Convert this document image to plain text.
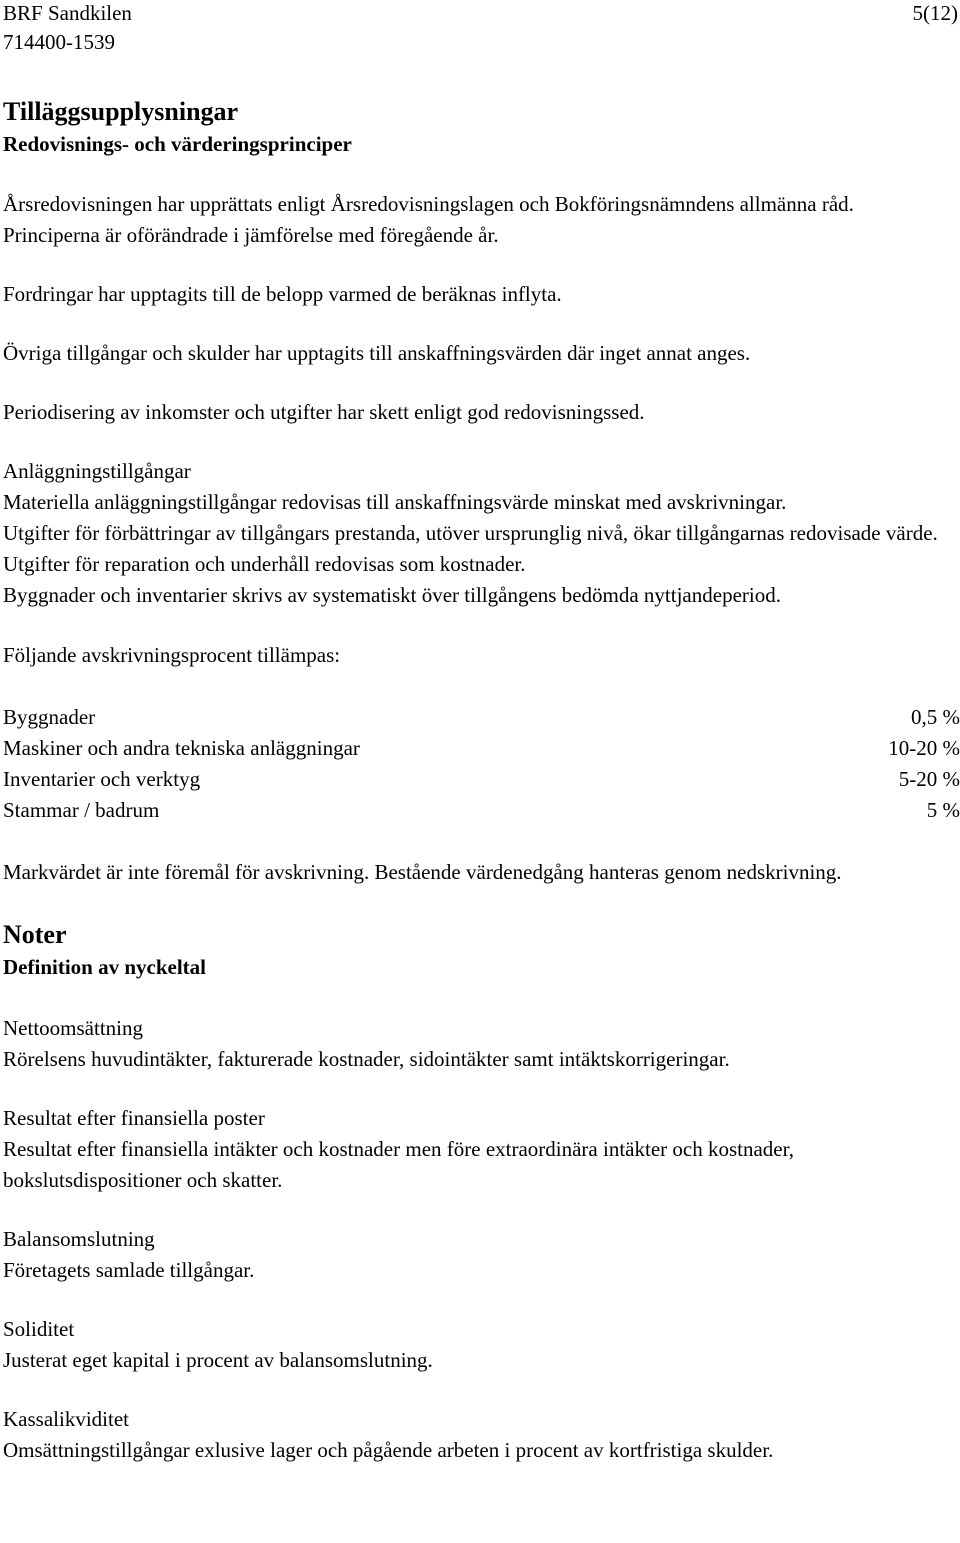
BRF Sandkilen	5(12)
714400-1539
Tilläggsupplysningar
Redovisnings- och värderingsprinciper
Årsredovisningen har upprättats enligt Årsredovisningslagen och Bokföringsnämndens allmänna råd.
Principerna är oförändrade i jämförelse med föregående år.
Fordringar har upptagits till de belopp varmed de beräknas inflyta.
Övriga tillgångar och skulder har upptagits till anskaffningsvärden där inget annat anges.
Periodisering av inkomster och utgifter har skett enligt god redovisningssed.
Anläggningstillgångar
Materiella anläggningstillgångar redovisas till anskaffningsvärde minskat med avskrivningar.
Utgifter för förbättringar av tillgångars prestanda, utöver ursprunglig nivå, ökar tillgångarnas redovisade värde. Utgifter för reparation och underhåll redovisas som kostnader.
Byggnader och inventarier skrivs av systematiskt över tillgångens bedömda nyttjandeperiod.
Följande avskrivningsprocent tillämpas:
Byggnader	0,5 %
Maskiner och andra tekniska anläggningar	10-20 %
Inventarier och verktyg	5-20 %
Stammar / badrum	5 %
Markvärdet är inte föremål för avskrivning. Bestående värdenedgång hanteras genom nedskrivning.
Noter
Definition av nyckeltal
Nettoomsättning
Rörelsens huvudintäkter, fakturerade kostnader, sidointäkter samt intäktskorrigeringar.
Resultat efter finansiella poster
Resultat efter finansiella intäkter och kostnader men före extraordinära intäkter och kostnader, bokslutsdispositioner och skatter.
Balansomslutning
Företagets samlade tillgångar.
Soliditet
Justerat eget kapital i procent av balansomslutning.
Kassalikviditet
Omsättningstillgångar exlusive lager och pågående arbeten i procent av kortfristiga skulder.
